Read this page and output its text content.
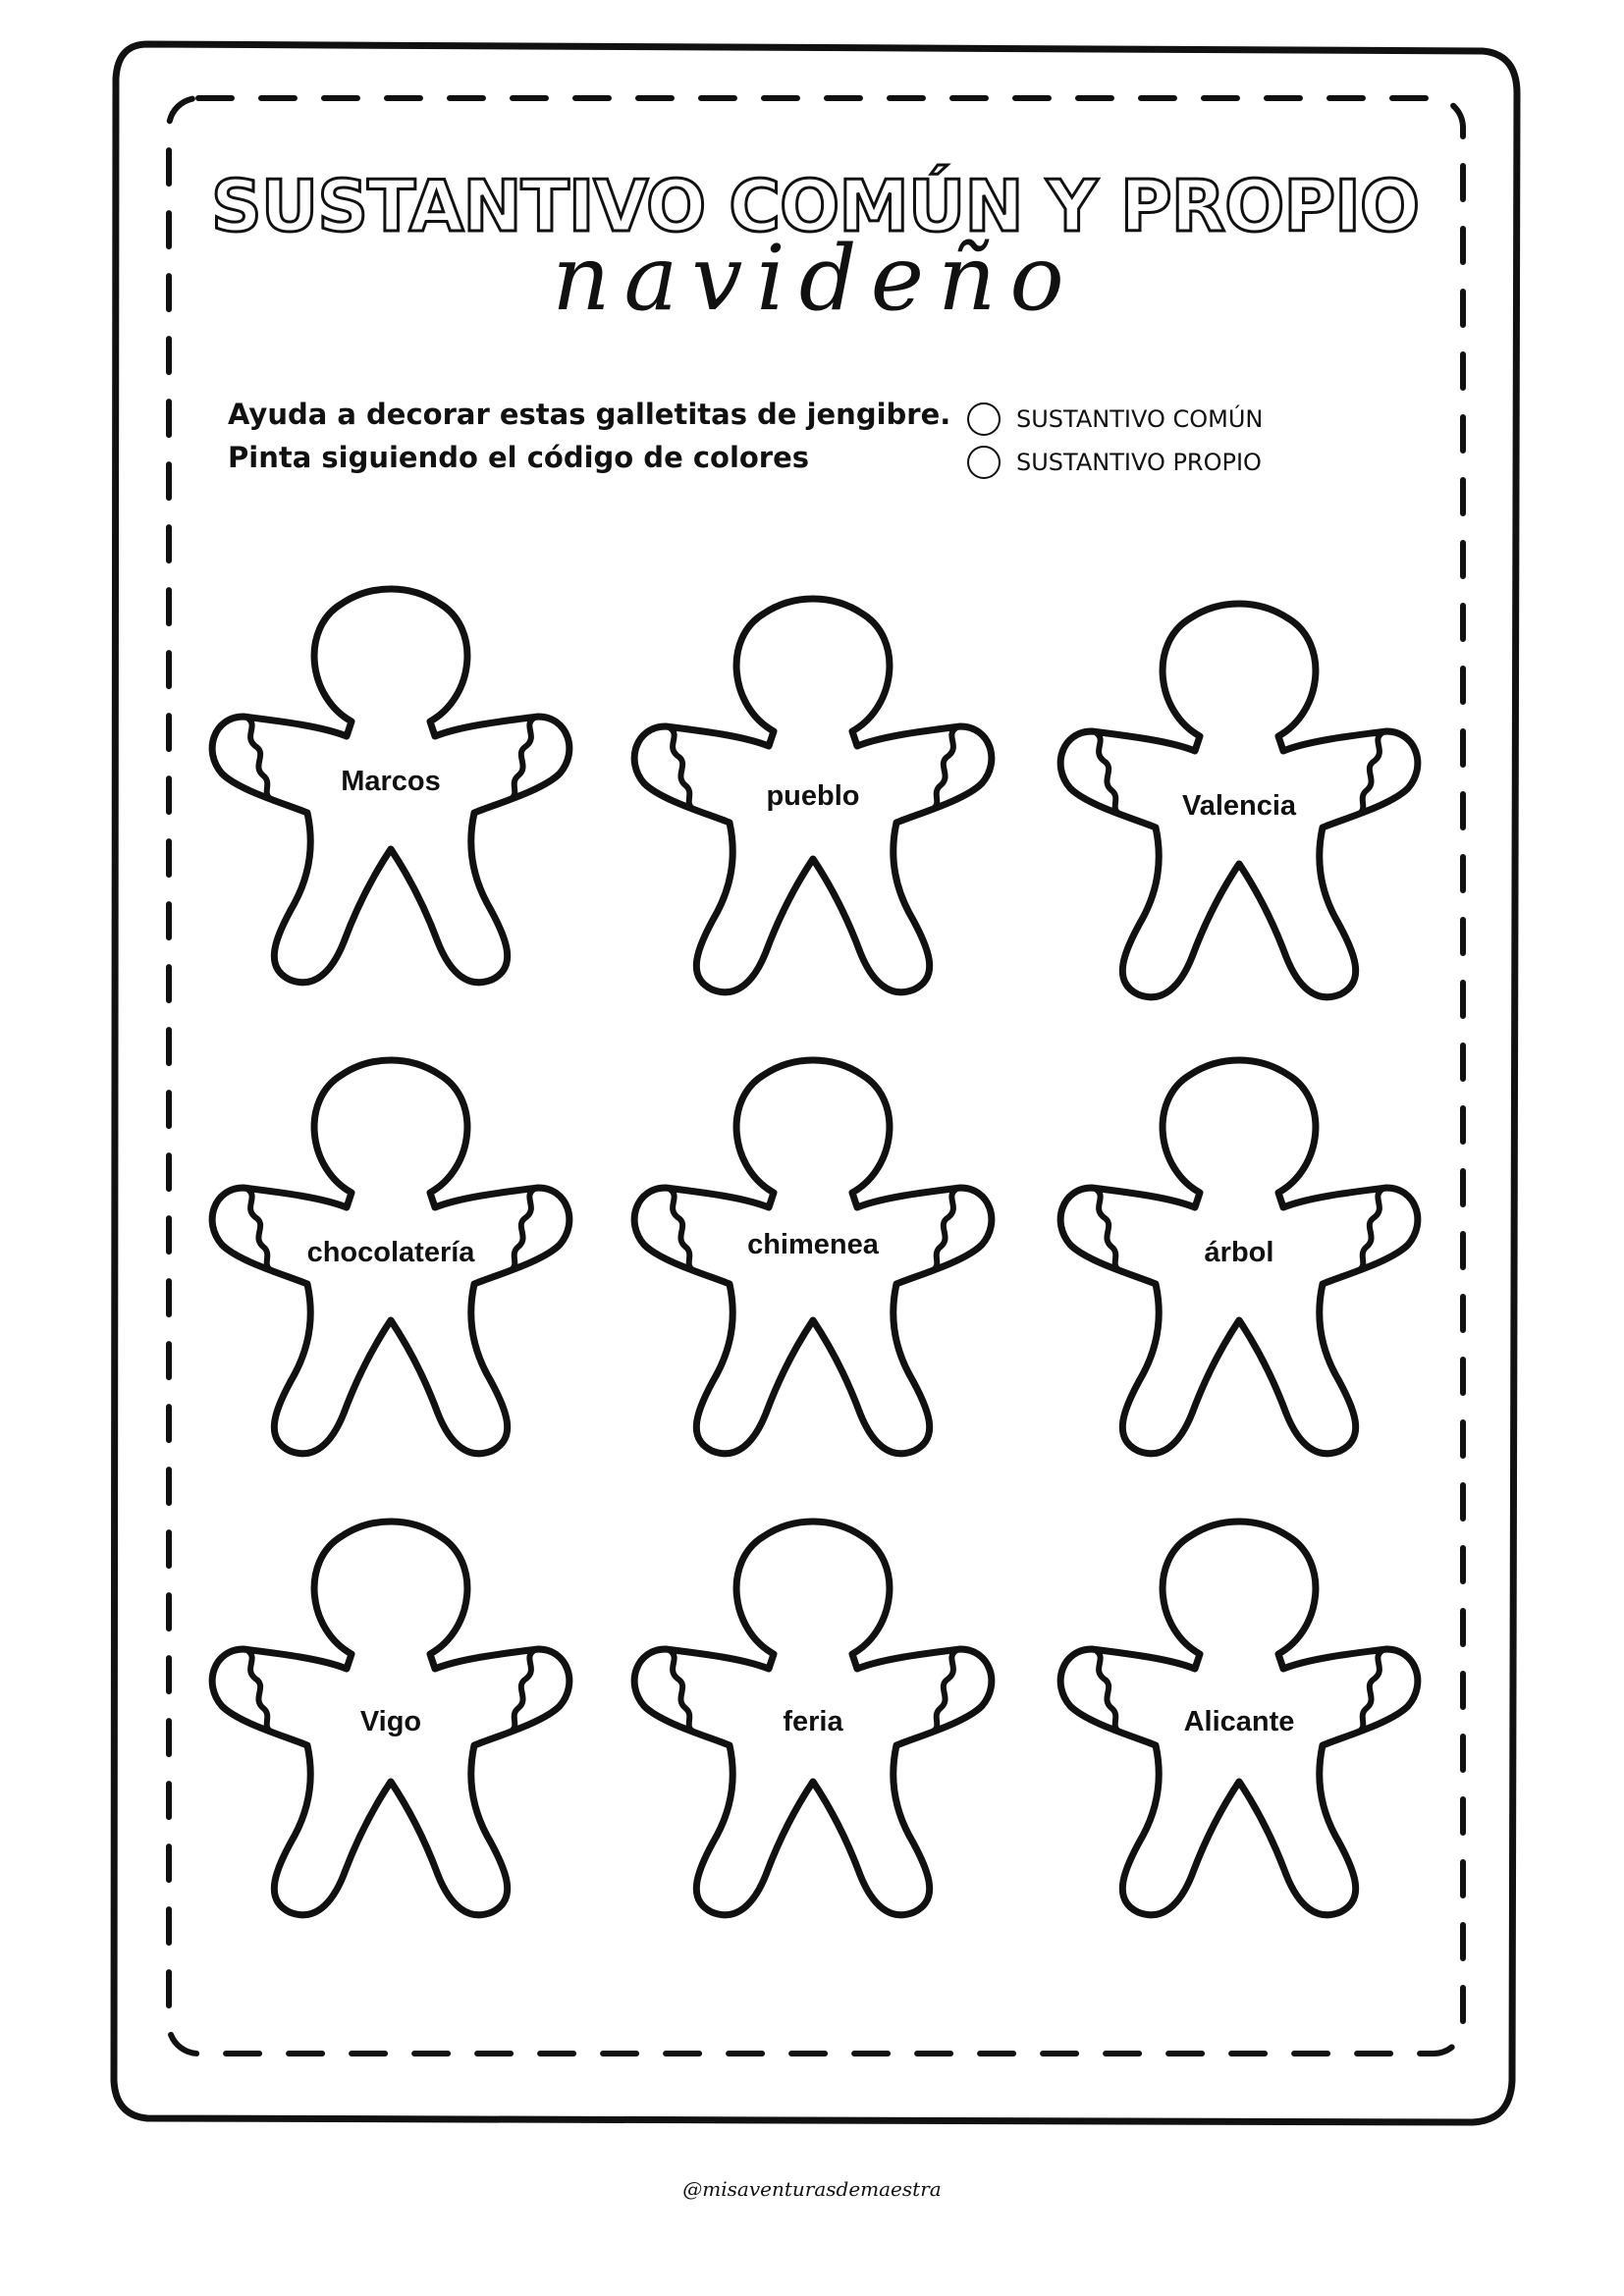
SUSTANTIVO COMÚN Y PROPIO
navideño
Ayuda a decorar estas galletitas de jengibre.
Pinta siguiendo el código de colores
SUSTANTIVO COMÚN
SUSTANTIVO PROPIO
Marcos	pueblo	Valencia
chocolatería	chimenea	árbol
Vigo	feria	Alicante
@misaventurasdemaestra
